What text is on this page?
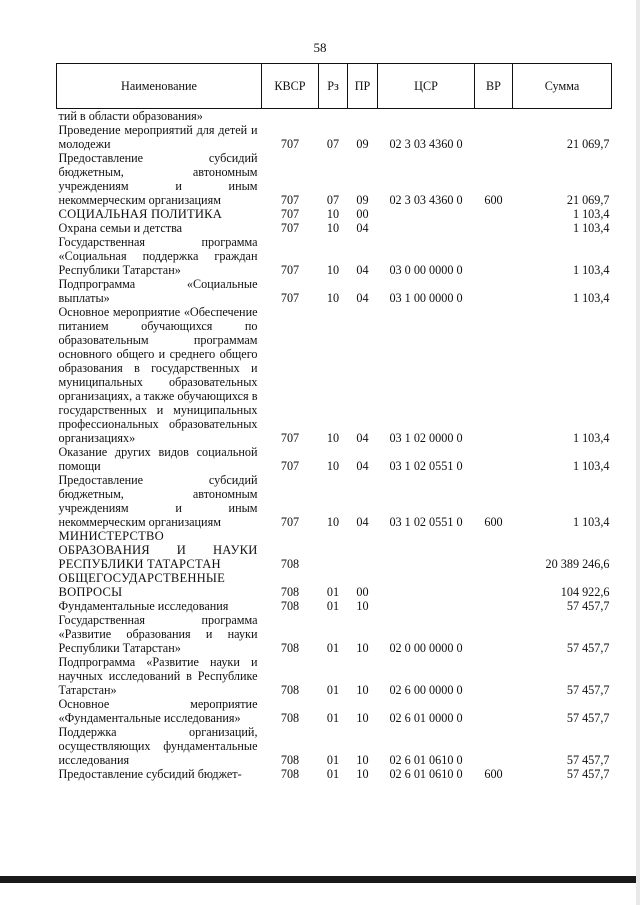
58
Наименование	КВСР	Рз	ПР	ЦСР	ВР	Сумма
тий в области образования»						
Проведение мероприятий для детей и молодежи	707	07	09	02 3 03 4360 0		21 069,7
Предоставление субсидий бюджетным, автономным учреждениям и иным некоммерческим организациям	707	07	09	02 3 03 4360 0	600	21 069,7
СОЦИАЛЬНАЯ ПОЛИТИКА	707	10	00			1 103,4
Охрана семьи и детства	707	10	04			1 103,4
Государственная программа «Социальная поддержка граждан Республики Татарстан»	707	10	04	03 0 00 0000 0		1 103,4
Подпрограмма «Социальные выплаты»	707	10	04	03 1 00 0000 0		1 103,4
Основное мероприятие «Обеспечение питанием обучающихся по образовательным программам основного общего и среднего общего образования в государственных и муниципальных образовательных организациях, а также обучающихся в государственных и муниципальных профессиональных образовательных организациях»	707	10	04	03 1 02 0000 0		1 103,4
Оказание других видов социальной помощи	707	10	04	03 1 02 0551 0		1 103,4
Предоставление субсидий бюджетным, автономным учреждениям и иным некоммерческим организациям	707	10	04	03 1 02 0551 0	600	1 103,4
МИНИСТЕРСТВО ОБРАЗОВАНИЯ И НАУКИ РЕСПУБЛИКИ ТАТАРСТАН	708					20 389 246,6
ОБЩЕГОСУДАРСТВЕННЫЕ ВОПРОСЫ	708	01	00			104 922,6
Фундаментальные исследования	708	01	10			57 457,7
Государственная программа «Развитие образования и науки Республики Татарстан»	708	01	10	02 0 00 0000 0		57 457,7
Подпрограмма «Развитие науки и научных исследований в Республике Татарстан»	708	01	10	02 6 00 0000 0		57 457,7
Основное мероприятие «Фундаментальные исследования»	708	01	10	02 6 01 0000 0		57 457,7
Поддержка организаций, осуществляющих фундаментальные исследования	708	01	10	02 6 01 0610 0		57 457,7
Предоставление субсидий бюджет-	708	01	10	02 6 01 0610 0	600	57 457,7
